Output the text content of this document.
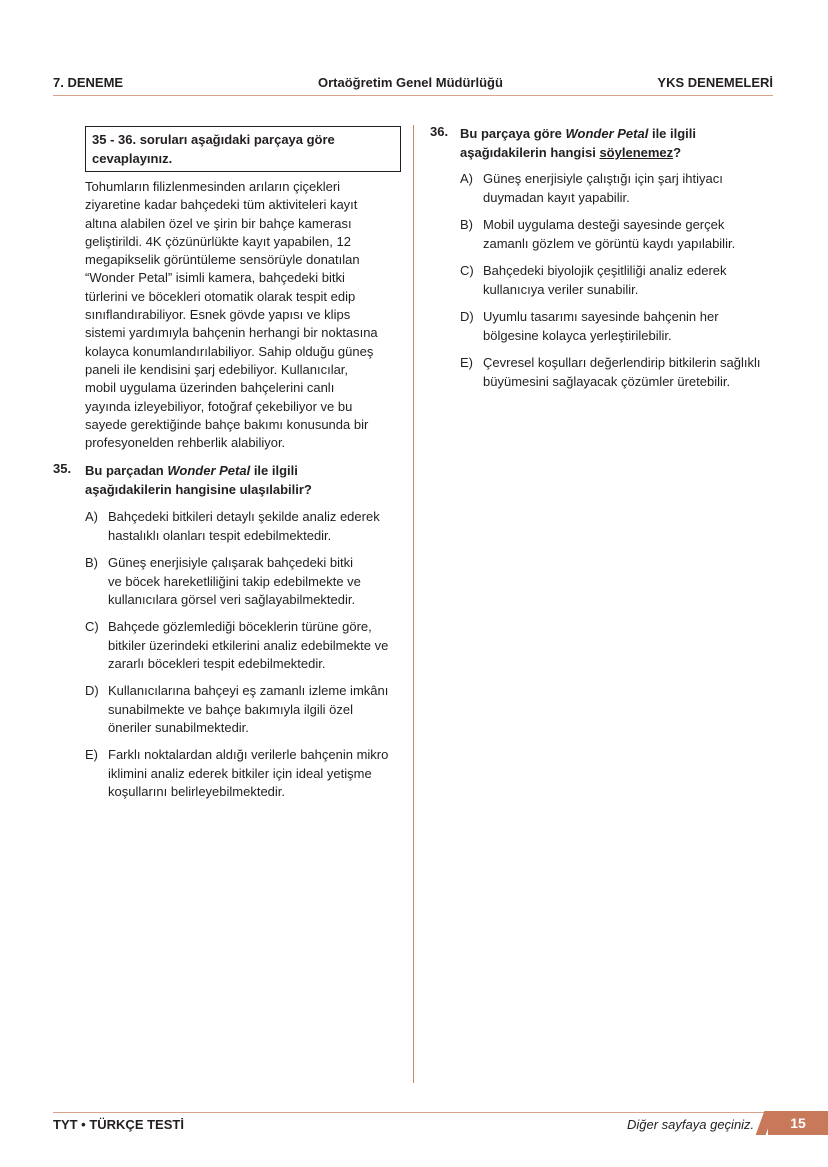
7. DENEME	Ortaöğretim Genel Müdürlüğü	YKS DENEMELERİ
35 - 36. soruları aşağıdaki parçaya göre cevaplayınız.
Tohumların filizlenmesinden arıların çiçekleri
ziyaretine kadar bahçedeki tüm aktiviteleri kayıt
altına alabilen özel ve şirin bir bahçe kamerası
geliştirildi. 4K çözünürlükte kayıt yapabilen, 12
megapikselik görüntüleme sensörüyle donatılan
“Wonder Petal” isimli kamera, bahçedeki bitki
türlerini ve böcekleri otomatik olarak tespit edip
sınıflandırabiliyor. Esnek gövde yapısı ve klips
sistemi yardımıyla bahçenin herhangi bir noktasına
kolayca konumlandırılabiliyor. Sahip olduğu güneş
paneli ile kendisini şarj edebiliyor. Kullanıcılar,
mobil uygulama üzerinden bahçelerini canlı
yayında izleyebiliyor, fotoğraf çekebiliyor ve bu
sayede gerektiğinde bahçe bakımı konusunda bir
profesyonelden rehberlik alabiliyor.
35. Bu parçadan Wonder Petal ile ilgili
aşağıdakilerin hangisine ulaşılabilir?
A) Bahçedeki bitkileri detaylı şekilde analiz ederek
hastalıklı olanları tespit edebilmektedir.
B) Güneş enerjisiyle çalışarak bahçedeki bitki
ve böcek hareketliliğini takip edebilmekte ve
kullanıcılara görsel veri sağlayabilmektedir.
C) Bahçede gözlemlediği böceklerin türüne göre,
bitkiler üzerindeki etkilerini analiz edebilmekte ve
zararlı böcekleri tespit edebilmektedir.
D) Kullanıcılarına bahçeyi eş zamanlı izleme imkânı
sunabilmekte ve bahçe bakımıyla ilgili özel
öneriler sunabilmektedir.
E) Farklı noktalardan aldığı verilerle bahçenin mikro
iklimini analiz ederek bitkiler için ideal yetişme
koşullarını belirleyebilmektedir.
36. Bu parçaya göre Wonder Petal ile ilgili
aşağıdakilerin hangisi söylenemez?
A) Güneş enerjisiyle çalıştığı için şarj ihtiyacı
duymadan kayıt yapabilir.
B) Mobil uygulama desteği sayesinde gerçek
zamanlı gözlem ve görüntü kaydı yapılabilir.
C) Bahçedeki biyolojik çeşitliliği analiz ederek
kullanıcıya veriler sunabilir.
D) Uyumlu tasarımı sayesinde bahçenin her
bölgesine kolayca yerleştirilebilir.
E) Çevresel koşulları değerlendirip bitkilerin sağlıklı
büyümesini sağlayacak çözümler üretebilir.
TYT • TÜRKÇE TESTİ	Diğer sayfaya geçiniz.	15
